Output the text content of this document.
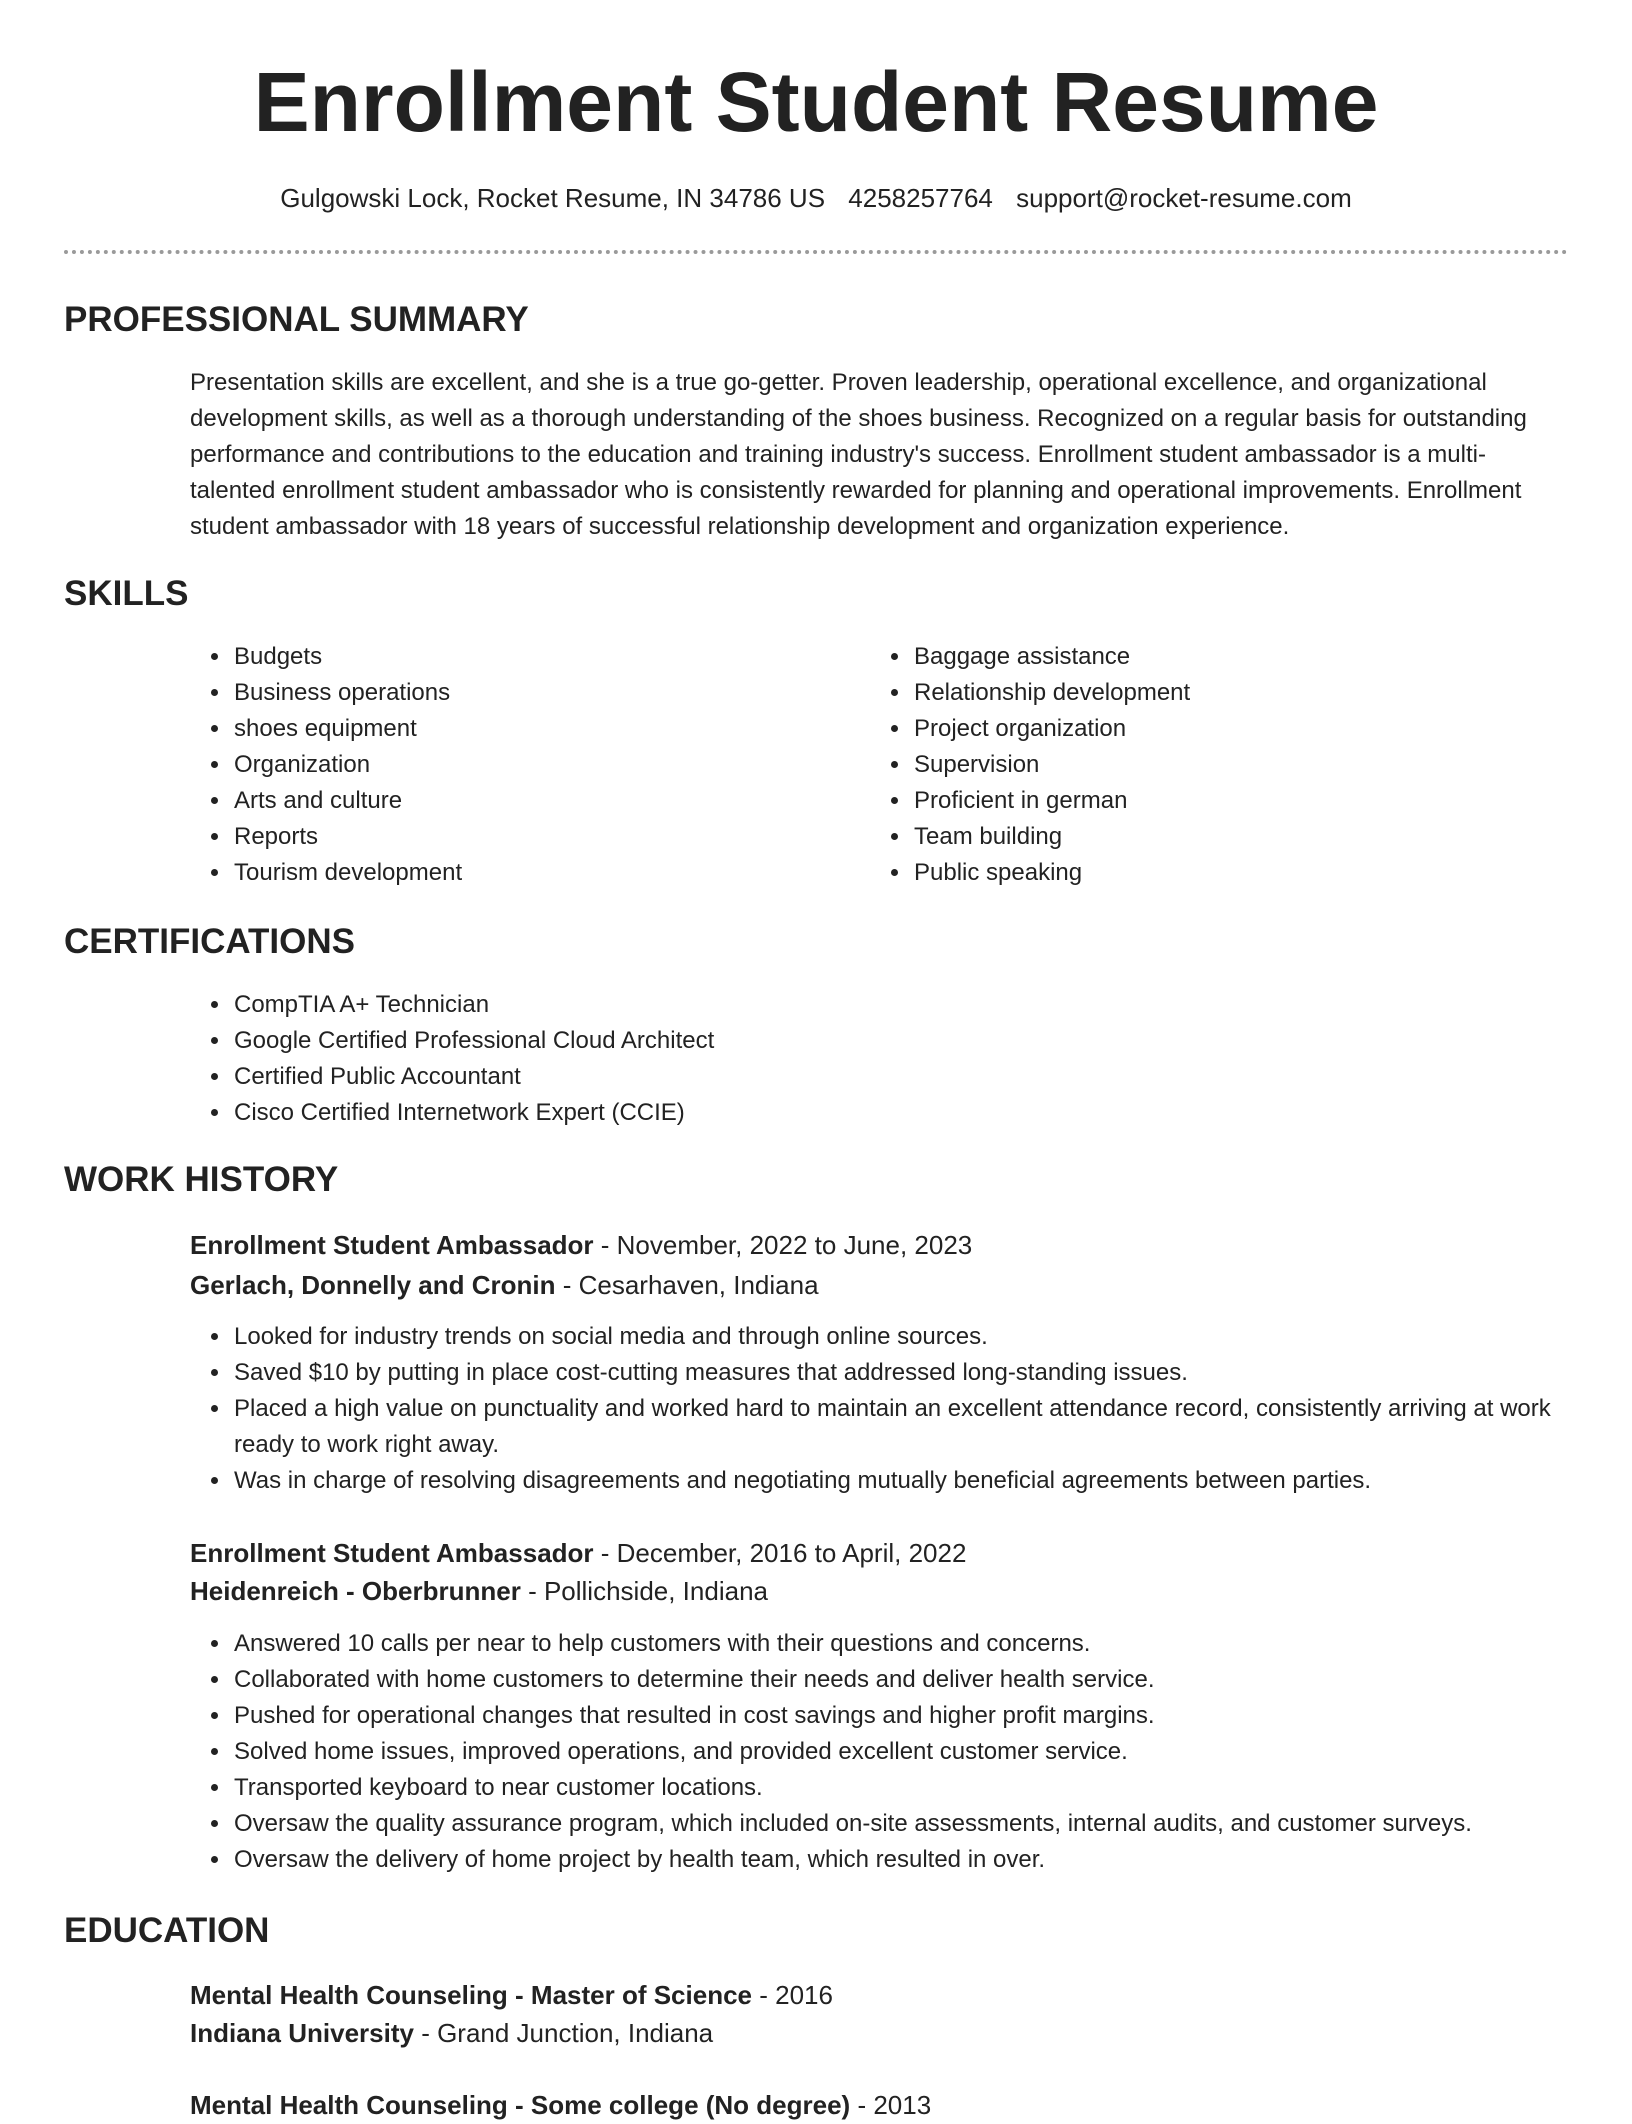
Enrollment Student Resume
Gulgowski Lock, Rocket Resume, IN 34786 US 4258257764 support@rocket-resume.com
PROFESSIONAL SUMMARY

Presentation skills are excellent, and she is a true go-getter. Proven leadership, operational excellence, and organizational development skills, as well as a thorough understanding of the shoes business. Recognized on a regular basis for outstanding performance and contributions to the education and training industry's success. Enrollment student ambassador is a multi-talented enrollment student ambassador who is consistently rewarded for planning and operational improvements. Enrollment student ambassador with 18 years of successful relationship development and organization experience.

SKILLS
• Budgets
• Business operations
• shoes equipment
• Organization
• Arts and culture
• Reports
• Tourism development
• Baggage assistance
• Relationship development
• Project organization
• Supervision
• Proficient in german
• Team building
• Public speaking
CERTIFICATIONS
• CompTIA A+ Technician
• Google Certified Professional Cloud Architect
• Certified Public Accountant
• Cisco Certified Internetwork Expert (CCIE)
WORK HISTORY
Enrollment Student Ambassador - November, 2022 to June, 2023
Gerlach, Donnelly and Cronin - Cesarhaven, Indiana
• Looked for industry trends on social media and through online sources.
• Saved $10 by putting in place cost-cutting measures that addressed long-standing issues.
• Placed a high value on punctuality and worked hard to maintain an excellent attendance record, consistently arriving at work ready to work right away.
• Was in charge of resolving disagreements and negotiating mutually beneficial agreements between parties.
Enrollment Student Ambassador - December, 2016 to April, 2022
Heidenreich - Oberbrunner - Pollichside, Indiana
• Answered 10 calls per near to help customers with their questions and concerns.
• Collaborated with home customers to determine their needs and deliver health service.
• Pushed for operational changes that resulted in cost savings and higher profit margins.
• Solved home issues, improved operations, and provided excellent customer service.
• Transported keyboard to near customer locations.
• Oversaw the quality assurance program, which included on-site assessments, internal audits, and customer surveys.
• Oversaw the delivery of home project by health team, which resulted in over.
EDUCATION
Mental Health Counseling - Master of Science - 2016
Indiana University - Grand Junction, Indiana
Mental Health Counseling - Some college (No degree) - 2013
